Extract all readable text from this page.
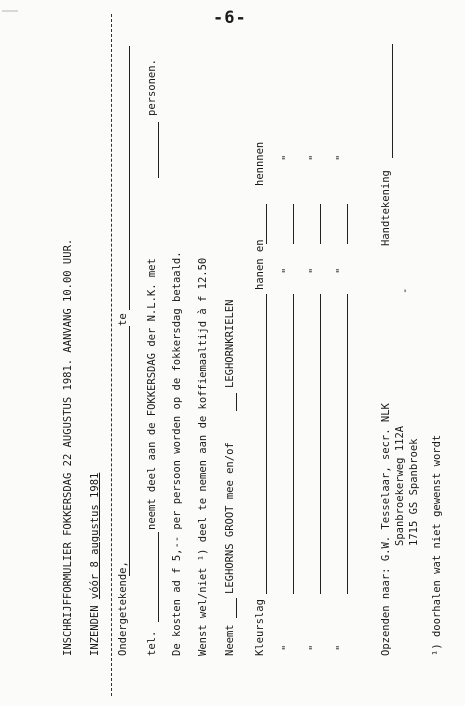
-6-
INSCHRIJFFORMULIER FOKKERSDAG 22 AUGUSTUS 1981. AANVANG 10.00 UUR. INZENDEN vóór 8 augustus 1981
Ondergetekende,
te
tel.
neemt deel aan de FOKKERSDAG der N.L.K. met
personen.
De kosten ad f 5,-- per persoon worden op de fokkersdag betaald. Wenst wel/niet ¹) deel te nemen aan de koffiemaaltijd à f 12.50 Neemt
LEGHORNS GROOT mee en/of
LEGHORNKRIELEN
Kleurslag
hanen en
hennnen
"
"
"
"
"
"
"
"
"
Opzenden naar: G.W. Tesselaar, secr. NLK Spanbroekerweg 112A 1715 GS Spanbroek
Handtekening
-
¹) doorhalen wat niet gewenst wordt
